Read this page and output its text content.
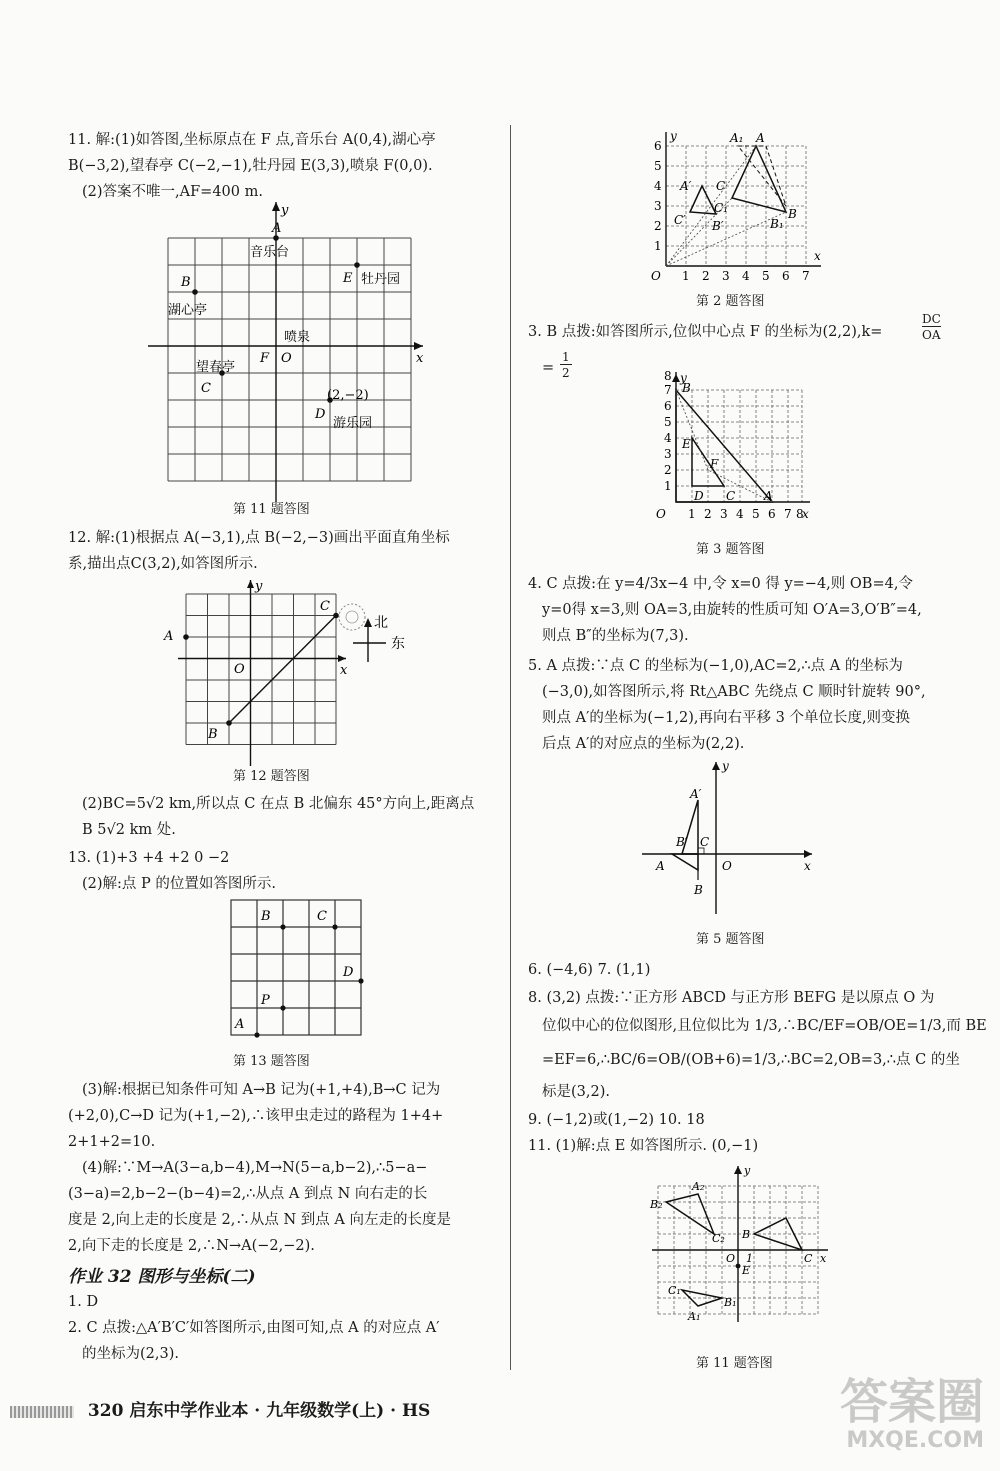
11. 解:(1)如答图,坐标原点在 F 点,音乐台 A(0,4),湖心亭
B(−3,2),望春亭 C(−2,−1),牡丹园 E(3,3),喷泉 F(0,0).
(2)答案不唯一,AF=400 m.
x
y
O
F
A
B
C
D
E
音乐台
湖心亭
望春亭
游乐园
(2,−2)
牡丹园
喷泉
第 11 题答图
12. 解:(1)根据点 A(−3,1),点 B(−2,−3)画出平面直角坐标
系,描出点C(3,2),如答图所示.
A
B
C
O	x
y
北
东
第 12 题答图
(2)BC=5√2 km,所以点 C 在点 B 北偏东 45°方向上,距离点
B 5√2 km 处.
13. (1)+3 +4 +2 0 −2
(2)解:点 P 的位置如答图所示.
A
B	C
D
P
第 13 题答图
(3)解:根据已知条件可知 A→B 记为(+1,+4),B→C 记为
(+2,0),C→D 记为(+1,−2),∴该甲虫走过的路程为 1+4+
2+1+2=10.
(4)解:∵M→A(3−a,b−4),M→N(5−a,b−2),∴5−a−
(3−a)=2,b−2−(b−4)=2,∴从点 A 到点 N 向右走的长
度是 2,向上走的长度是 2,∴从点 N 到点 A 向左走的长度是
2,向下走的长度是 2,∴N→A(−2,−2).
作业 32 图形与坐标(二)
1. D
2. C 点拨:△A′B′C′如答图所示,由图可知,点 A 的对应点 A′
的坐标为(2,3).
y
x
O
A₁ A
A′
B
B₁
B′
C
C₁
C′
1
2
3
4
5
6
1 2 3 4 5 6 7
第 2 题答图
3. B 点拨:如答图所示,位似中心点 F 的坐标为(2,2),k=
DC
OA
=
1
2	y
B
A
C
D
E
F
O	x
1
2
3
4
5
6
7
8
1 2 3 4 5 6 7 8
第 3 题答图
4. C 点拨:在 y=4/3x−4 中,令 x=0 得 y=−4,则 OB=4,令
y=0得 x=3,则 OA=3,由旋转的性质可知 O′A=3,O′B″=4,
则点 B″的坐标为(7,3).
5. A 点拨:∵点 C 的坐标为(−1,0),AC=2,∴点 A 的坐标为
(−3,0),如答图所示,将 Rt△ABC 先绕点 C 顺时针旋转 90°,
则点 A′的坐标为(−1,2),再向右平移 3 个单位长度,则变换
后点 A′的对应点的坐标为(2,2).
y
x
A
A′
B′
B
C
O
第 5 题答图
6. (−4,6) 7. (1,1)
8. (3,2) 点拨:∵正方形 ABCD 与正方形 BEFG 是以原点 O 为
位似中心的位似图形,且位似比为 1/3,∴BC/EF=OB/OE=1/3,而 BE
=EF=6,∴BC/6=OB/(OB+6)=1/3,∴BC=2,OB=3,∴点 C 的坐
标是(3,2).
9. (−1,2)或(1,−2) 10. 18
11. (1)解:点 E 如答图所示. (0,−1)
y
x
A₂
B₂
C₂ B
C
O
E
1
C₁
A₁
B₁
第 11 题答图
320 启东中学作业本 · 九年级数学(上) · HS	答案圈
MXQE.COM
